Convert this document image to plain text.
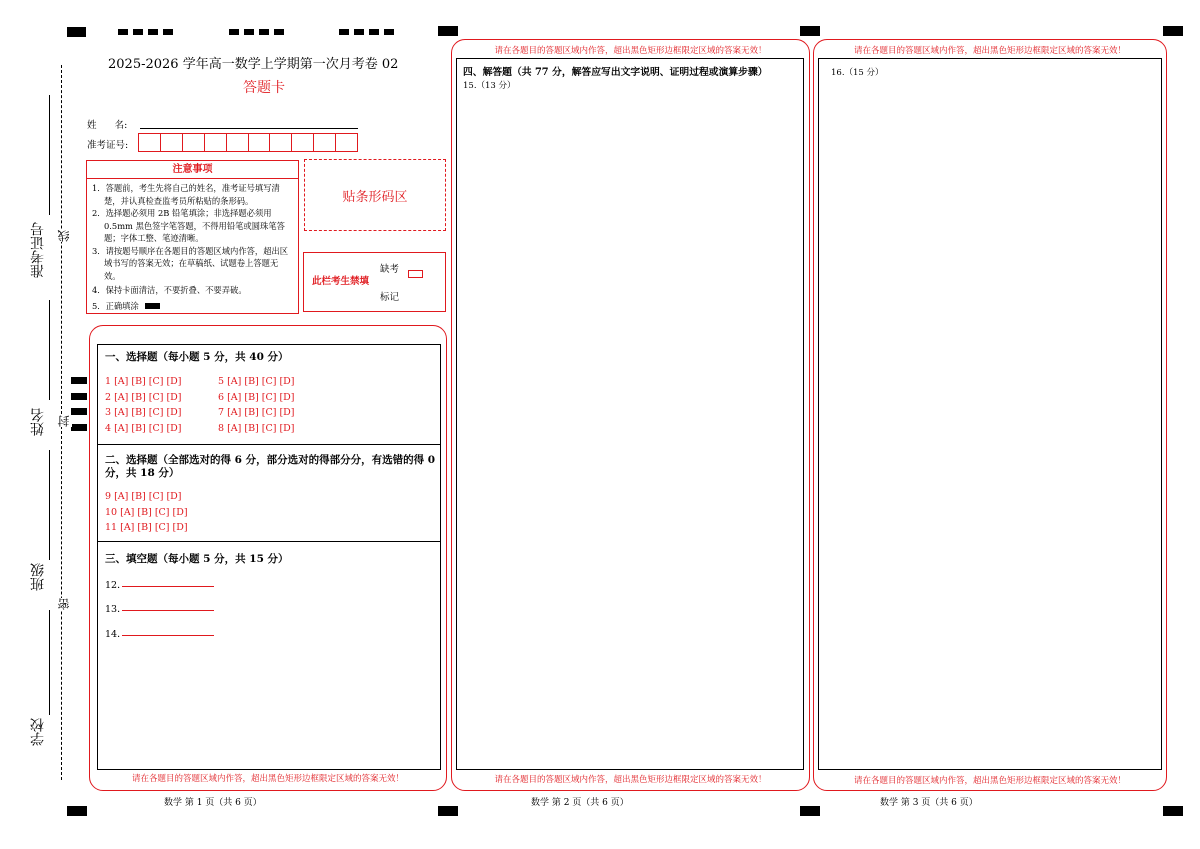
准考证号
姓名
班级
学校
线
封
密
2025-2026 学年高一数学上学期第一次月考卷 02
答题卡
姓      名:
准考证号:
注意事项

1．答题前，考生先将自己的姓名，准考证号填写清楚，并认真检查监考员所粘贴的条形码。

2．选择题必须用 2B 铅笔填涂；非选择题必须用 0.5mm 黑色签字笔答题，不得用铅笔或圆珠笔答题；字体工整、笔迹清晰。

3．请按题号顺序在各题目的答题区域内作答，超出区域书写的答案无效；在草稿纸、试题卷上答题无效。

4．保持卡面清洁，不要折叠、不要弄破。

5．正确填涂

贴条形码区
此栏考生禁填
缺考
标记
一、选择题（每小题 5 分，共 40 分）
1 [A] [B] [C] [D]
2 [A] [B] [C] [D]
3 [A] [B] [C] [D]
4 [A] [B] [C] [D]
5 [A] [B] [C] [D]
6 [A] [B] [C] [D]
7 [A] [B] [C] [D]
8 [A] [B] [C] [D]
二、选择题（全部选对的得 6 分，部分选对的得部分分，有选错的得 0
分，共 18 分）
9 [A] [B] [C] [D]
10 [A] [B] [C] [D]
11 [A] [B] [C] [D]
三、填空题（每小题 5 分，共 15 分）
12．
13．
14．
请在各题目的答题区域内作答，超出黑色矩形边框限定区域的答案无效！
请在各题目的答题区域内作答，超出黑色矩形边框限定区域的答案无效！
四、解答题（共 77 分，解答应写出文字说明、证明过程或演算步骤）
15.（13 分）
请在各题目的答题区域内作答，超出黑色矩形边框限定区域的答案无效！
请在各题目的答题区域内作答，超出黑色矩形边框限定区域的答案无效！
16.（15 分）
请在各题目的答题区域内作答，超出黑色矩形边框限定区域的答案无效！
数学 第 1 页（共 6 页）	数学 第 2 页（共 6 页）	数学 第 3 页（共 6 页）
